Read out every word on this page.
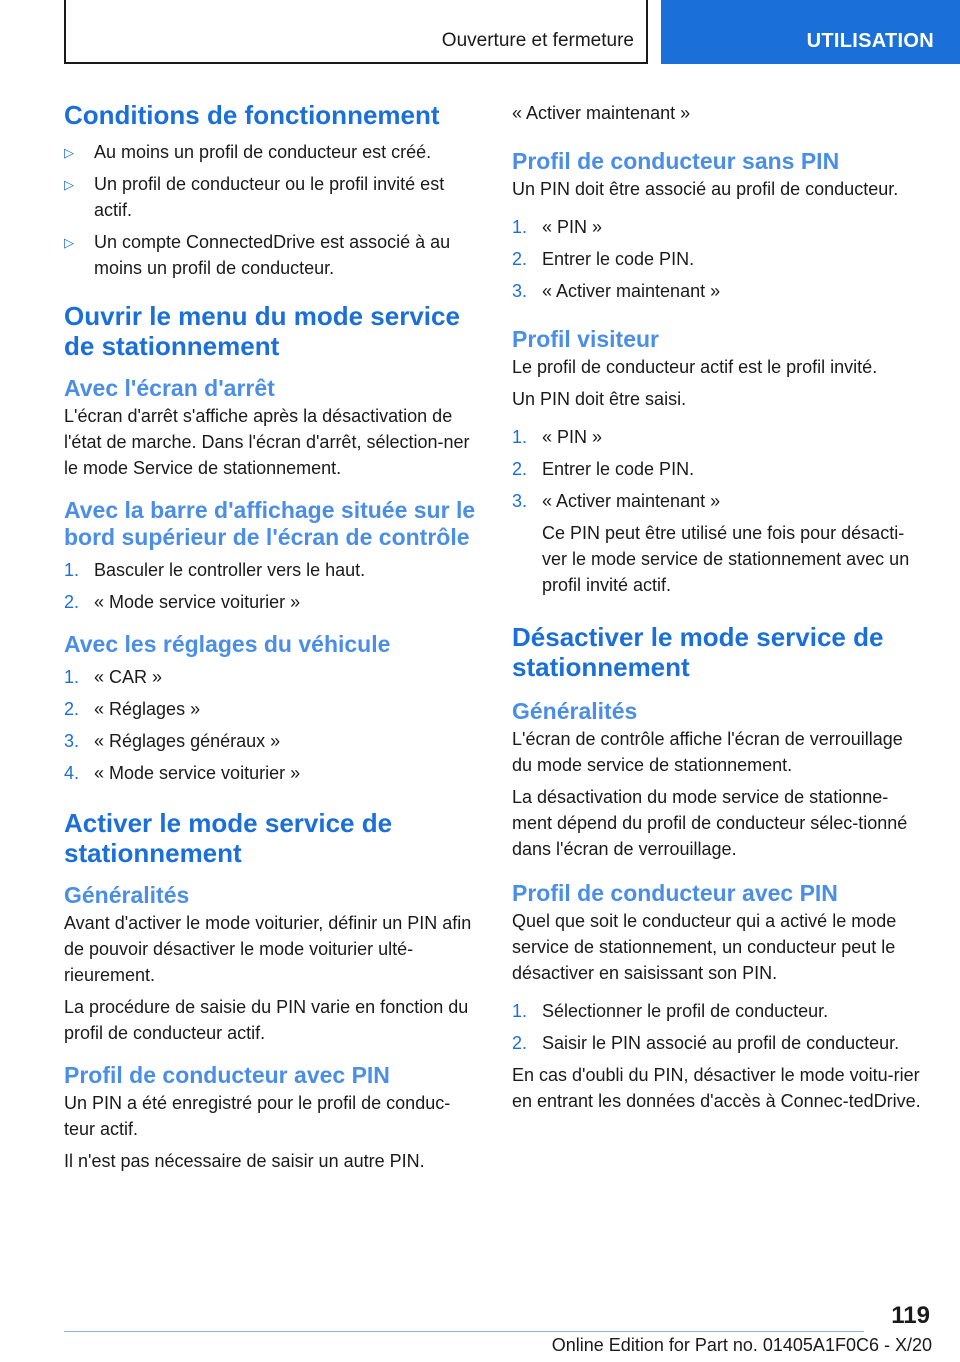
Ouverture et fermeture	UTILISATION
Conditions de fonctionnement
▷ Au moins un profil de conducteur est créé.
▷ Un profil de conducteur ou le profil invité est actif.
▷ Un compte ConnectedDrive est associé à au moins un profil de conducteur.
Ouvrir le menu du mode service de stationnement
Avec l'écran d'arrêt

L'écran d'arrêt s'affiche après la désactivation de l'état de marche. Dans l'écran d'arrêt, sélection-ner le mode Service de stationnement.

Avec la barre d'affichage située sur le bord supérieur de l'écran de contrôle
1. Basculer le controller vers le haut.
2. « Mode service voiturier »
Avec les réglages du véhicule
1. « CAR »
2. « Réglages »
3. « Réglages généraux »
4. « Mode service voiturier »
Activer le mode service de stationnement
Généralités

Avant d'activer le mode voiturier, définir un PIN afin de pouvoir désactiver le mode voiturier ulté-rieurement.

La procédure de saisie du PIN varie en fonction du profil de conducteur actif.

Profil de conducteur avec PIN

Un PIN a été enregistré pour le profil de conduc-teur actif.

Il n'est pas nécessaire de saisir un autre PIN.

« Activer maintenant »

Profil de conducteur sans PIN

Un PIN doit être associé au profil de conducteur.

1. « PIN »
2. Entrer le code PIN.
3. « Activer maintenant »
Profil visiteur

Le profil de conducteur actif est le profil invité.

Un PIN doit être saisi.

1. « PIN »
2. Entrer le code PIN.
3. « Activer maintenant »

Ce PIN peut être utilisé une fois pour désacti-ver le mode service de stationnement avec un profil invité actif.

Désactiver le mode service de stationnement
Généralités

L'écran de contrôle affiche l'écran de verrouillage du mode service de stationnement.

La désactivation du mode service de stationne-ment dépend du profil de conducteur sélec-tionné dans l'écran de verrouillage.

Profil de conducteur avec PIN

Quel que soit le conducteur qui a activé le mode service de stationnement, un conducteur peut le désactiver en saisissant son PIN.

1. Sélectionner le profil de conducteur.
2. Saisir le PIN associé au profil de conducteur.

En cas d'oubli du PIN, désactiver le mode voitu-rier en entrant les données d'accès à Connec-tedDrive.

119
Online Edition for Part no. 01405A1F0C6 - X/20
